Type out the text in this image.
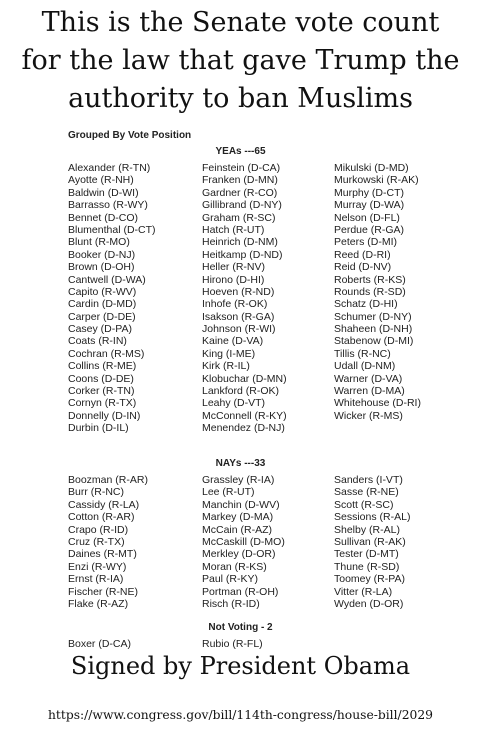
This is the Senate vote count
for the law that gave Trump the
authority to ban Muslims
Grouped By Vote Position
YEAs ---65
Alexander (R-TN)
Ayotte (R-NH)
Baldwin (D-WI)
Barrasso (R-WY)
Bennet (D-CO)
Blumenthal (D-CT)
Blunt (R-MO)
Booker (D-NJ)
Brown (D-OH)
Cantwell (D-WA)
Capito (R-WV)
Cardin (D-MD)
Carper (D-DE)
Casey (D-PA)
Coats (R-IN)
Cochran (R-MS)
Collins (R-ME)
Coons (D-DE)
Corker (R-TN)
Cornyn (R-TX)
Donnelly (D-IN)
Durbin (D-IL)
Feinstein (D-CA)
Franken (D-MN)
Gardner (R-CO)
Gillibrand (D-NY)
Graham (R-SC)
Hatch (R-UT)
Heinrich (D-NM)
Heitkamp (D-ND)
Heller (R-NV)
Hirono (D-HI)
Hoeven (R-ND)
Inhofe (R-OK)
Isakson (R-GA)
Johnson (R-WI)
Kaine (D-VA)
King (I-ME)
Kirk (R-IL)
Klobuchar (D-MN)
Lankford (R-OK)
Leahy (D-VT)
McConnell (R-KY)
Menendez (D-NJ)
Mikulski (D-MD)
Murkowski (R-AK)
Murphy (D-CT)
Murray (D-WA)
Nelson (D-FL)
Perdue (R-GA)
Peters (D-MI)
Reed (D-RI)
Reid (D-NV)
Roberts (R-KS)
Rounds (R-SD)
Schatz (D-HI)
Schumer (D-NY)
Shaheen (D-NH)
Stabenow (D-MI)
Tillis (R-NC)
Udall (D-NM)
Warner (D-VA)
Warren (D-MA)
Whitehouse (D-RI)
Wicker (R-MS)
NAYs ---33
Boozman (R-AR)
Burr (R-NC)
Cassidy (R-LA)
Cotton (R-AR)
Crapo (R-ID)
Cruz (R-TX)
Daines (R-MT)
Enzi (R-WY)
Ernst (R-IA)
Fischer (R-NE)
Flake (R-AZ)
Grassley (R-IA)
Lee (R-UT)
Manchin (D-WV)
Markey (D-MA)
McCain (R-AZ)
McCaskill (D-MO)
Merkley (D-OR)
Moran (R-KS)
Paul (R-KY)
Portman (R-OH)
Risch (R-ID)
Sanders (I-VT)
Sasse (R-NE)
Scott (R-SC)
Sessions (R-AL)
Shelby (R-AL)
Sullivan (R-AK)
Tester (D-MT)
Thune (R-SD)
Toomey (R-PA)
Vitter (R-LA)
Wyden (D-OR)
Not Voting - 2
Boxer (D-CA)	Rubio (R-FL)
Signed by President Obama
https://www.congress.gov/bill/114th-congress/house-bill/2029
